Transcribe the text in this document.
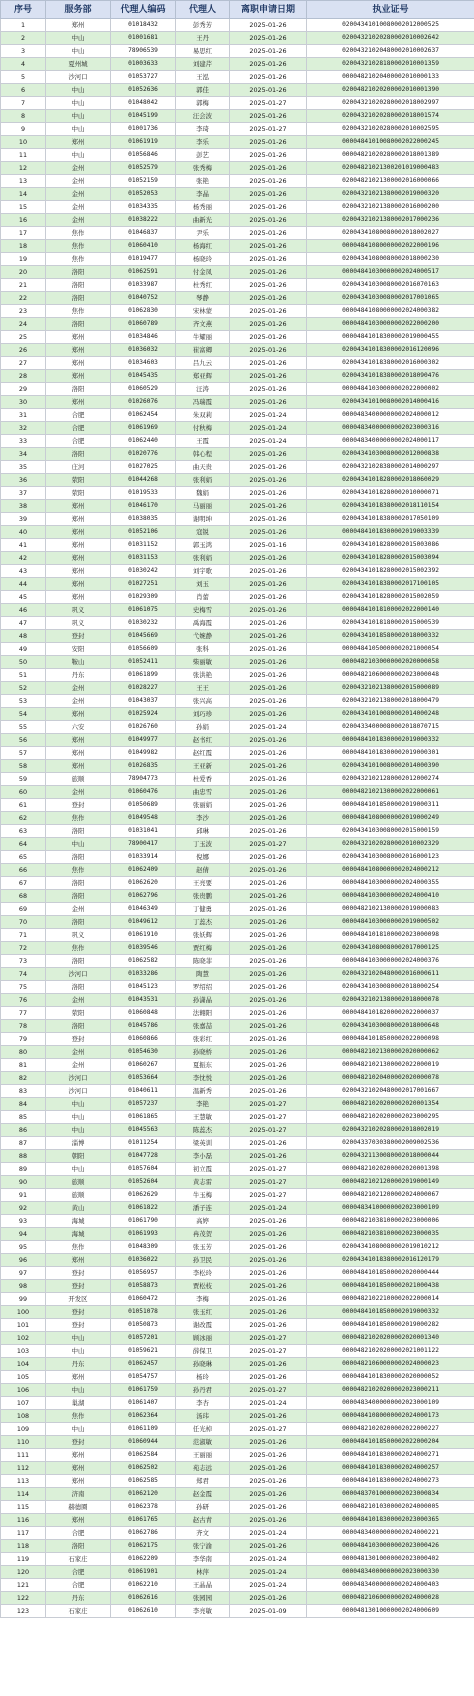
序号	服务部	代理人编码	代理人	离职申请日期	执业证号
1	郑州	01018432	彭秀芳	2025-01-26	02004341010080002012000525
2	中山	01001681	王丹	2025-01-26	02004321020280002010002642
3	中山	78906539	易思红	2025-01-26	02004321020480002010002637
4	夏州城	01003633	刘建芹	2025-01-26	02004321028180002010001359
5	沙河口	01053727	王泓	2025-01-26	00004821020400002010000133
6	中山	01052636	郭佳	2025-01-26	02004821020200002010001390
7	中山	01048042	郭梅	2025-01-27	02004321020280002018002997
8	中山	01045199	汪会波	2025-01-26	02004321020280002018001574
9	中山	01001736	李琦	2025-01-27	02004321020280002010002595
10	郑州	01061919	李乐	2025-01-26	00004841010080002022000245
11	中山	01056846	彭艺	2025-01-26	00004821020280002018001389
12	金州	01052579	张秀梅	2025-01-26	02004821021300201019000483
13	金州	01052159	张艳	2025-01-26	02004821021300002016000066
14	金州	01052053	李晶	2025-01-26	02004321021380002019000320
15	金州	01034335	杨秀丽	2025-01-26	02004321021380002016000200
16	金州	01038222	曲新光	2025-01-26	02004321021380002017000236
17	焦作	01046837	尹乐	2025-01-26	02004341080080002018002027
18	焦作	01060410	杨海红	2025-01-26	00004841080000002022000196
19	焦作	01019477	杨晓玲	2025-01-26	02004341080080002018000230
20	洛阳	01062591	付金凤	2025-01-26	00004841030000002024000517
21	洛阳	01033987	杜秀红	2025-01-26	02004341030080002016070163
22	洛阳	01040752	琴静	2025-01-26	02004341030080002017001065
23	焦作	01062830	宋林蒙	2025-01-26	00004841080000002024000382
24	洛阳	01060789	齐文燕	2025-01-26	00004841030000002022000200
25	郑州	01034846	牛耀丽	2025-01-26	00004841018300002019000455
26	郑州	01036032	崔富卿	2025-01-26	02004341018300002016120096
27	郑州	01034603	吕九云	2025-01-26	02004341018380002016000302
28	郑州	01045435	郑亚辉	2025-01-26	02004341018380002018090476
29	洛阳	01060529	汪涛	2025-01-26	00004841030000002022000002
30	郑州	01026076	冯瑞霞	2025-01-26	02004341010080002014000416
31	合肥	01062454	朱双莉	2025-01-24	00004834000000002024000012
32	合肥	01061969	付秋梅	2025-01-24	00004834000000002023000316
33	合肥	01062440	王霞	2025-01-24	00004834000000002024000117
34	洛阳	01020776	韩心程	2025-01-26	02004341030080002012000838
35	庄河	01027025	曲天贵	2025-01-26	02004321028380002014000297
36	荥阳	01044268	张利娟	2025-01-26	02004341018280002018060029
37	荥阳	01019533	魏娟	2025-01-26	02004341018280002010000071
38	郑州	01046170	马丽丽	2025-01-26	02004341018380002018110154
39	郑州	01038035	谢明坤	2025-01-26	02004341018380002017050109
40	郑州	01052106	寇锐	2025-01-26	00004841018300002019003339
41	郑州	01031152	郭玉鸿	2025-01-16	02004341018280002015003086
42	郑州	01031153	张利娟	2025-01-26	02004341018280002015003094
43	郑州	01030242	刘宇歌	2025-01-26	02004341018280002015002392
44	郑州	01027251	刘玉	2025-01-26	02004341018380002017100105
45	郑州	01029309	肖蕾	2025-01-26	02004341018280002015002059
46	巩义	01061075	史梅雪	2025-01-26	00004841018100002022000140
47	巩义	01030232	禹海霞	2025-01-26	02004341018180002015000539
48	登封	01045669	弋婉静	2025-01-26	02004341018580002018000332
49	安阳	01056609	张科	2025-01-26	00004841050000002021000054
50	鞍山	01052411	柴丽敏	2025-01-26	00004821030000002020000058
51	丹东	01061899	张洪艳	2025-01-26	00004821060000002023000048
52	金州	01028227	王王	2025-01-26	02004321021380002015000089
53	金州	01043037	张兴高	2025-01-26	02004321021380002018000479
54	郑州	01025924	刘巧珍	2025-01-26	02004341010080002014000248
55	六安	01026760	孙娟	2025-01-24	02004334000080002018070715
56	郑州	01049977	赵书红	2025-01-26	00004841018300002019000332
57	郑州	01049982	赵红霞	2025-01-26	00004841018300002019000301
58	郑州	01026835	王亚新	2025-01-26	02004341010080002014000390
59	旅顺	78904773	杜爱香	2025-01-26	02004321021280002012000274
60	金州	01060476	曲忠雪	2025-01-26	00004821021300002022000061
61	登封	01050689	张丽娟	2025-01-26	00004841018500002019000311
62	焦作	01049548	李沙	2025-01-26	00004841080000002019000249
63	洛阳	01031041	邱琳	2025-01-26	02004341030080002015000159
64	中山	78900417	丁玉波	2025-01-27	02004321020280002010002329
65	洛阳	01033914	倪娜	2025-01-26	02004341030080002016000123
66	焦作	01062409	赵倩	2025-01-26	00004841080000002024000212
67	洛阳	01062620	王亮要	2025-01-26	00004841030000002024000355
68	洛阳	01062796	张贵鹏	2025-01-26	00004841030000002024000410
69	金州	01046349	丁健勇	2025-01-26	00004821021300002019000083
70	洛阳	01049612	丁蕊杰	2025-01-26	00004841030000002019000502
71	巩义	01061910	张妖辉	2025-01-26	00004841018100002023000098
72	焦作	01039546	贾红梅	2025-01-26	02004341080080002017000125
73	洛阳	01062582	陈晓菲	2025-01-26	00004841030000002024000376
74	沙河口	01033286	陶慧	2025-01-26	02004321020480002016000611
75	洛阳	01045123	罗绍绍	2025-01-26	02004341030080002018000254
76	金州	01043531	孙潇晶	2025-01-26	02004321021380002018000078
77	荥阳	01060848	法翱阳	2025-01-26	00004841018200002022000037
78	洛阳	01045786	张嘉喆	2025-01-26	02004341030080002018000648
79	登封	01060866	张彩红	2025-01-26	00004841018500002022000098
80	金州	01054630	孙晓桥	2025-01-26	00004821021300002020000062
81	金州	01060267	夏振东	2025-01-26	00004821021300002022000019
82	沙河口	01053664	李忱悦	2025-01-26	00004821020400002020000078
83	沙河口	01040611	温新秀	2025-01-26	02004321020480002017001667
84	中山	01057237	李艳	2025-01-27	00004821020200002020001354
85	中山	01061865	王慧敏	2025-01-27	00004821020200002023000295
86	中山	01045563	陈蕊杰	2025-01-27	02004321020280002018002019
87	淄博	01011254	梁英训	2025-01-26	02004337030380002009002536
88	朝阳	01047728	李小磊	2025-01-26	02004321130080002018000044
89	中山	01057604	初立霞	2025-01-27	00004821020200002020001398
90	旅顺	01052604	黄志雷	2025-01-27	00004821021200002019000149
91	旅顺	01062629	牛玉梅	2025-01-27	00004821021200002024000067
92	黄山	01061822	潘子连	2025-01-24	00004834100000002023000109
93	海城	01061790	高婷	2025-01-26	00004821038100002023000006
94	海城	01061993	冉茂贺	2025-01-26	00004821038100002023000035
95	焦作	01048309	张玉芳	2025-01-26	02004341080080002019010212
96	郑州	01036022	孙卫民	2025-01-26	02004341018380002016120179
97	登封	01056957	李松玲	2025-01-26	00004841018500002020000444
98	登封	01058873	贾松枝	2025-01-26	00004841018500002021000438
99	开发区	01060472	李梅	2025-01-26	00004821022100002022000014
100	登封	01051078	张玉红	2025-01-26	00004841018500002019000332
101	登封	01050873	谢改霞	2025-01-26	00004841018500002019000282
102	中山	01057201	顾冰丽	2025-01-27	00004821020200002020001340
103	中山	01059621	薛保卫	2025-01-27	00004821020200002021001122
104	丹东	01062457	孙晓琳	2025-01-26	00004821060000002024000023
105	郑州	01054757	杨玲	2025-01-26	00004841018300002020000052
106	中山	01061759	孙丹君	2025-01-27	00004821020200002023000211
107	巢湖	01061407	李杏	2025-01-24	00004834000000002023000109
108	焦作	01062364	汤玮	2025-01-26	00004841080000002024000173
109	中山	01061109	任光棹	2025-01-27	00004821020200002022000227
110	登封	01060944	范淑敏	2025-01-26	00004841018500002022000204
111	郑州	01062584	王丽丽	2025-01-26	00004841018300002024000271
112	郑州	01062502	苑志远	2025-01-26	00004841018300002024000257
113	郑州	01062585	郑君	2025-01-26	00004841018300002024000273
114	济南	01062120	赵金霞	2025-01-26	00004837010000002023000834
115	赫德圈	01062378	孙研	2025-01-26	00004821010300002024000005
116	郑州	01061765	赵古青	2025-01-26	00004841018300002023000365
117	合肥	01062786	齐文	2025-01-24	00004834000000002024000221
118	洛阳	01062175	张宁渝	2025-01-26	00004841030000002023000426
119	石家庄	01062209	李华南	2025-01-24	00004813010000002023000402
120	合肥	01061901	林萍	2025-01-24	00004834000000002023000330
121	合肥	01062210	王晶晶	2025-01-24	00004834000000002024000403
122	丹东	01062616	张园园	2025-01-26	00004821060000002024000028
123	石家庄	01062610	李亮敏	2025-01-09	00004813010000002024000609
